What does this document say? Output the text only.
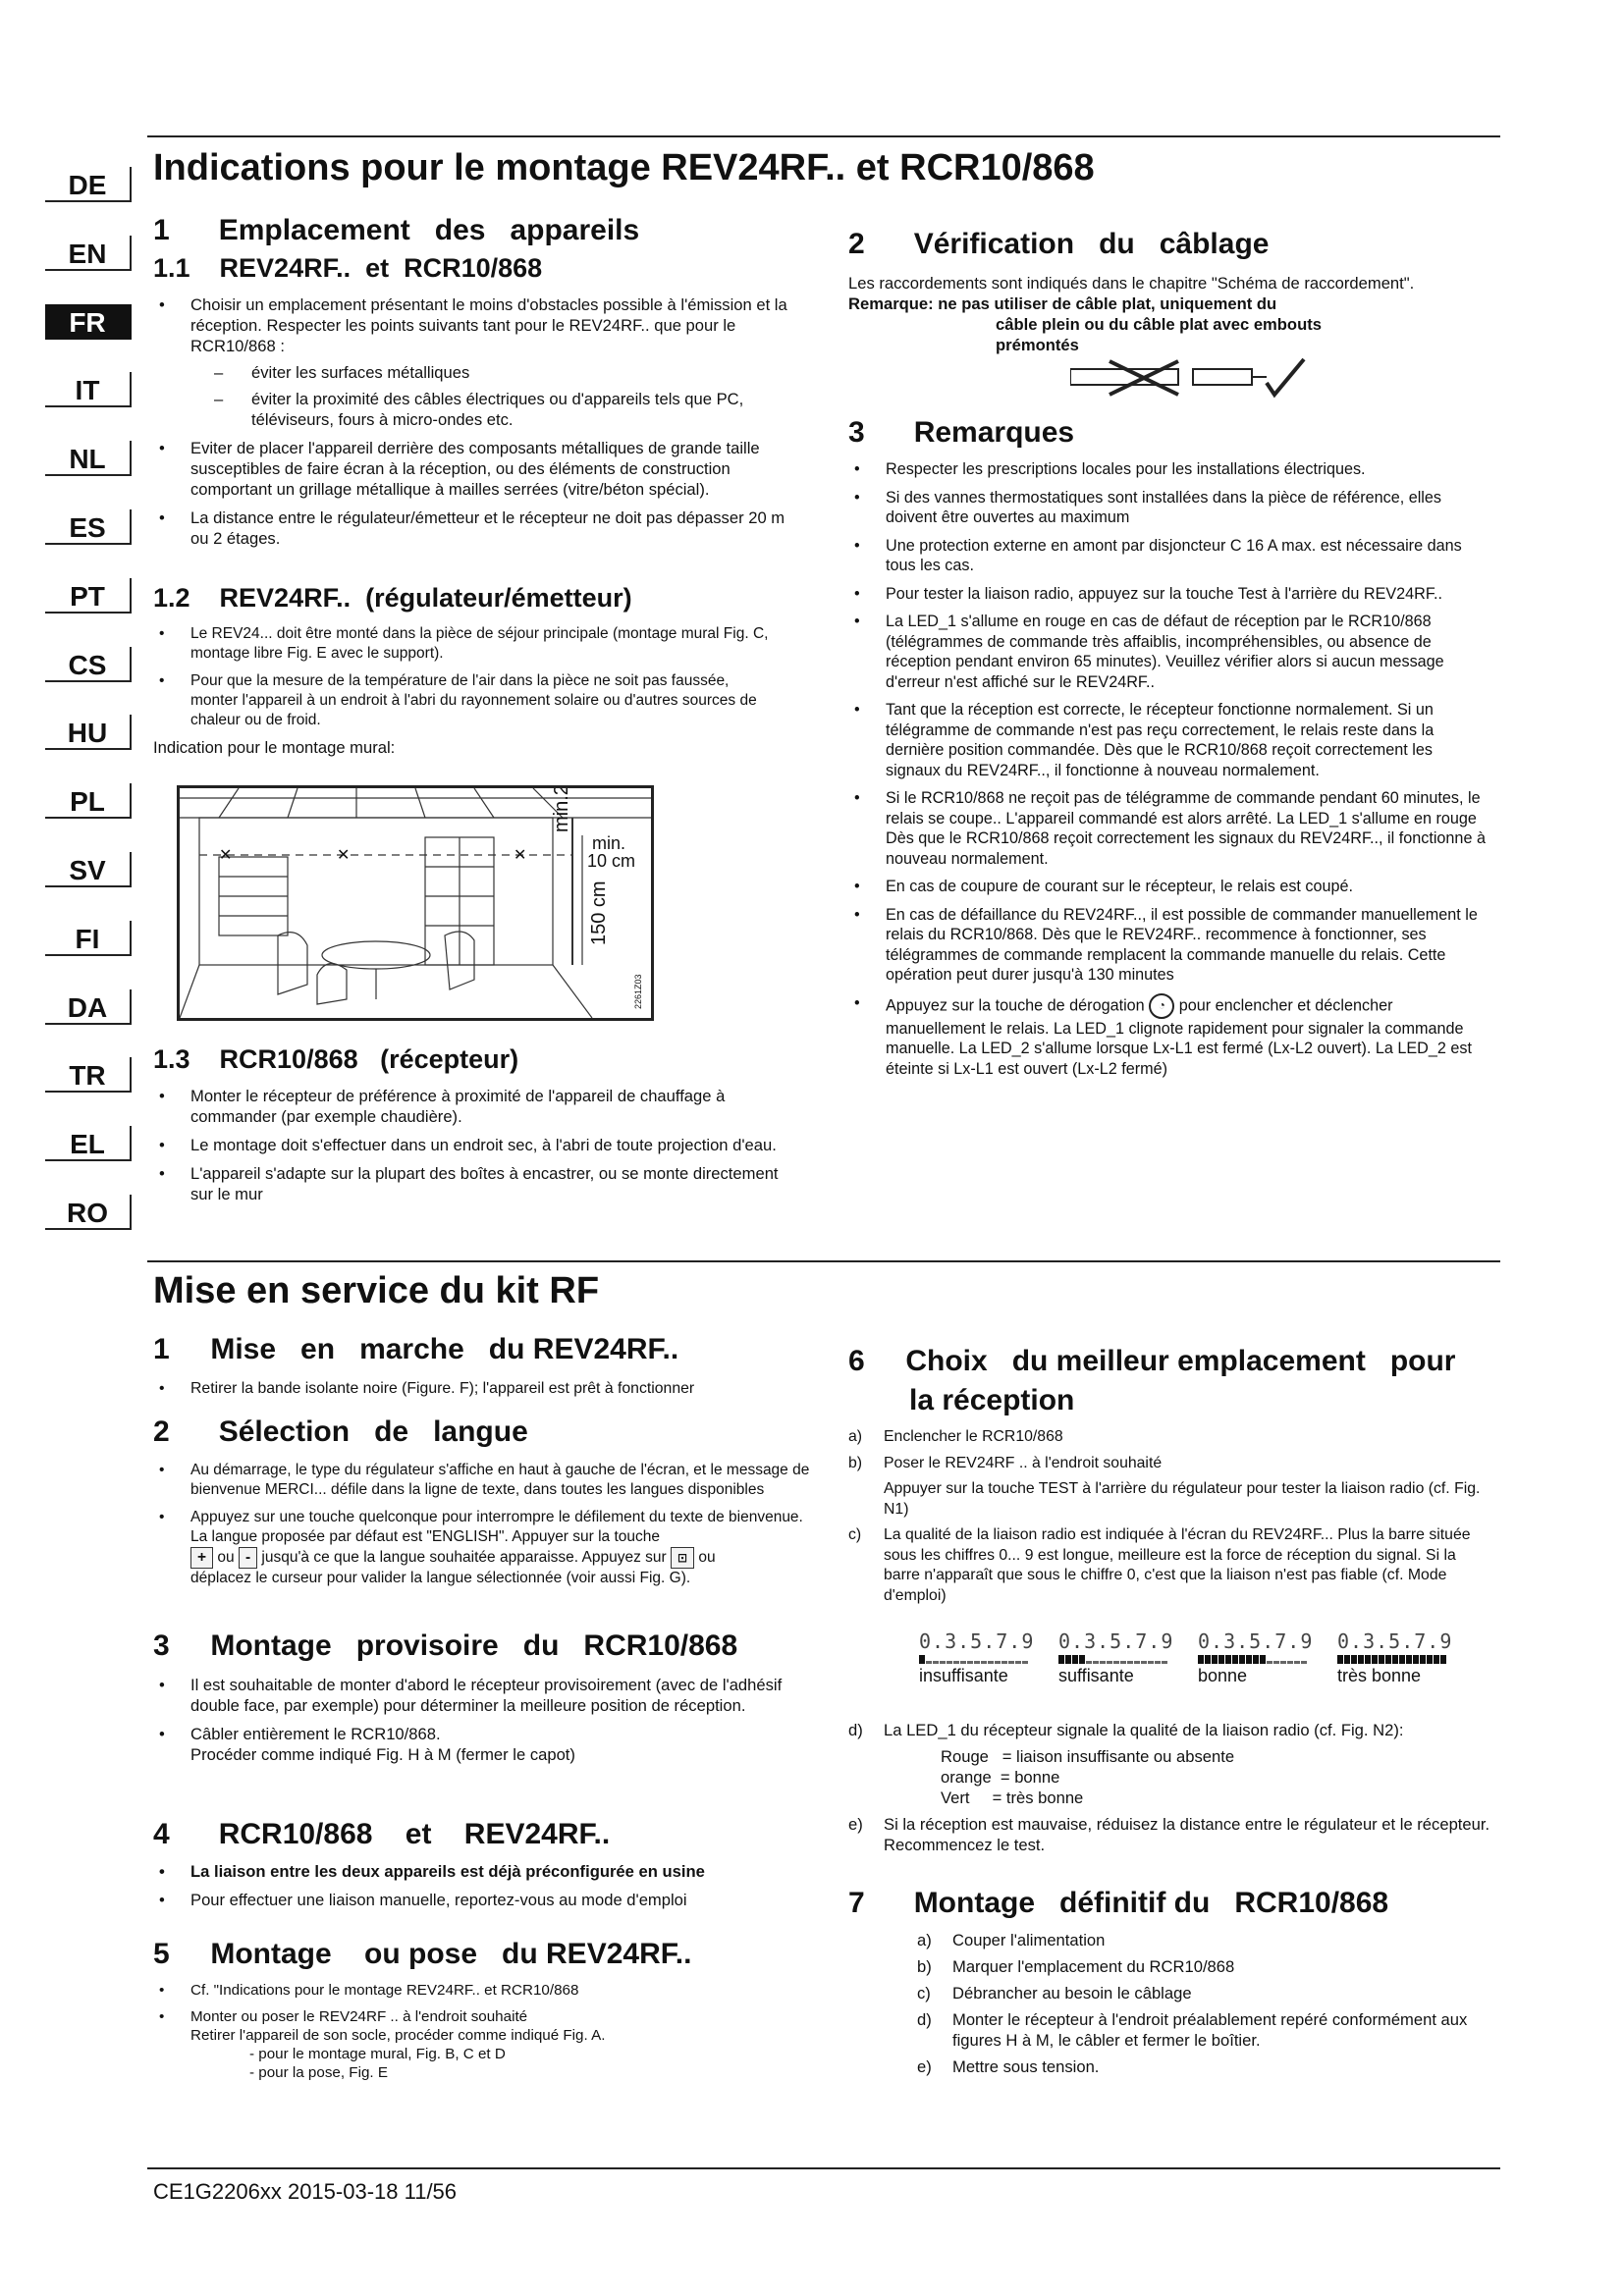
DE
EN
FR
IT
NL
ES
PT
CS
HU
PL
SV
FI
DA
TR
EL
RO
Indications pour le montage REV24RF.. et RCR10/868
1      Emplacement   des   appareils
1.1    REV24RF..  et  RCR10/868
• Choisir un emplacement présentant le moins d'obstacles possible à l'émission et la réception. Respecter les points suivants tant pour le REV24RF.. que pour le RCR10/868 :
– éviter les surfaces métalliques
– éviter la proximité des câbles électriques ou d'appareils tels que PC, téléviseurs, fours à micro-ondes etc.
• Eviter de placer l'appareil derrière des composants métalliques de grande taille susceptibles de faire écran à la réception, ou des éléments de construction comportant un grillage métallique à mailles serrées (vitre/béton spécial).
• La distance entre le régulateur/émetteur et le récepteur ne doit pas dépasser 20 m ou 2 étages.
1.2    REV24RF..  (régulateur/émetteur)
• Le REV24... doit être monté dans la pièce de séjour principale (montage mural Fig. C, montage libre Fig. E avec le support).
• Pour que la mesure de la température de l'air dans la pièce ne soit pas faussée, monter l'appareil à un endroit à l'abri du rayonnement solaire ou d'autres sources de chaleur ou de froid.

Indication pour le montage mural:

✕	✕	✕
min.20
min.
10 cm
150 cm
2261Z03
1.3    RCR10/868   (récepteur)
• Monter le récepteur de préférence à proximité de l'appareil de chauffage à commander (par exemple chaudière).
• Le montage doit s'effectuer dans un endroit sec, à l'abri de toute projection d'eau.
• L'appareil s'adapte sur la plupart des boîtes à encastrer, ou se monte directement sur le mur
2      Vérification   du   câblage

Les raccordements sont indiqués dans le chapitre "Schéma de raccordement".

Remarque: ne pas utiliser de câble plat, uniquement du

câble plein ou du câble plat avec embouts

prémontés

3      Remarques
• Respecter les prescriptions locales pour les installations électriques.
• Si des vannes thermostatiques sont installées dans la pièce de référence, elles doivent être ouvertes au maximum
• Une protection externe en amont par disjoncteur C 16 A max. est nécessaire dans tous les cas.
• Pour tester la liaison radio, appuyez sur la touche Test à l'arrière du REV24RF..
• La LED_1 s'allume en rouge en cas de défaut de réception par le RCR10/868 (télégrammes de commande très affaiblis, incompréhensibles, ou absence de réception pendant environ 65 minutes). Veuillez vérifier alors si aucun message d'erreur n'est affiché sur le REV24RF..
• Tant que la réception est correcte, le récepteur fonctionne normalement. Si un télégramme de commande n'est pas reçu correctement, le relais reste dans la dernière position commandée. Dès que le RCR10/868 reçoit correctement les signaux du REV24RF.., il fonctionne à nouveau normalement.
• Si le RCR10/868 ne reçoit pas de télégramme de commande pendant 60 minutes, le relais se coupe.. L'appareil commandé est alors arrêté. La LED_1 s'allume en rouge Dès que le RCR10/868 reçoit correctement les signaux du REV24RF.., il fonctionne à nouveau normalement.
• En cas de coupure de courant sur le récepteur, le relais est coupé.
• En cas de défaillance du REV24RF.., il est possible de commander manuellement le relais du RCR10/868. Dès que le REV24RF.. recommence à fonctionner, ses télégrammes de commande remplacent la commande manuelle du relais. Cette opération peut durer jusqu'à 130 minutes
• Appuyez sur la touche de dérogation ◔ pour enclencher et déclencher manuellement le relais. La LED_1 clignote rapidement pour signaler la commande manuelle. La LED_2 s'allume lorsque Lx-L1 est fermé (Lx-L2 ouvert). La LED_2 est éteinte si Lx-L1 est ouvert (Lx-L2 fermé)
Mise en service du kit RF
1     Mise   en   marche   du REV24RF..
• Retirer la bande isolante noire (Figure. F); l'appareil est prêt à fonctionner
2      Sélection   de   langue
• Au démarrage, le type du régulateur s'affiche en haut à gauche de l'écran, et le message de bienvenue MERCI... défile dans la ligne de texte, dans toutes les langues disponibles
• Appuyez sur une touche quelconque pour interrompre le défilement du texte de bienvenue. La langue proposée par défaut est "ENGLISH". Appuyer sur la touche
+ ou - jusqu'à ce que la langue souhaitée apparaisse. Appuyez sur ⊡ ou
déplacez le curseur pour valider la langue sélectionnée (voir aussi Fig. G).
3     Montage   provisoire   du   RCR10/868
• Il est souhaitable de monter d'abord le récepteur provisoirement (avec de l'adhésif double face, par exemple) pour déterminer la meilleure position de réception.
• Câbler entièrement le RCR10/868.
Procéder comme indiqué Fig. H à M (fermer le capot)
4      RCR10/868    et    REV24RF..
• La liaison entre les deux appareils est déjà préconfigurée en usine
• Pour effectuer une liaison manuelle, reportez-vous au mode d'emploi
5     Montage    ou pose   du REV24RF..
• Cf. "Indications pour le montage REV24RF.. et RCR10/868
• Monter ou poser le REV24RF .. à l'endroit souhaité
Retirer l'appareil de son socle, procéder comme indiqué Fig. A.
- pour le montage mural, Fig. B, C et D
- pour la pose, Fig. E
6     Choix   du meilleur emplacement   pour
la réception
a) Enclencher le RCR10/868
b) Poser le REV24RF .. à l'endroit souhaité
Appuyer sur la touche TEST à l'arrière du régulateur pour tester la liaison radio (cf. Fig. N1)
c) La qualité de la liaison radio est indiquée à l'écran du REV24RF... Plus la barre située sous les chiffres 0... 9 est longue, meilleure est la force de réception du signal. Si la barre n'apparaît que sous le chiffre 0, c'est que la liaison n'est pas fiable (cf. Mode d'emploi)
0.3.5.7.9
insuffisante
0.3.5.7.9
suffisante
0.3.5.7.9
bonne
0.3.5.7.9
très bonne
d) La LED_1 du récepteur signale la qualité de la liaison radio (cf. Fig. N2):
Rouge   = liaison insuffisante ou absente
orange  = bonne
Vert     = très bonne
e) Si la réception est mauvaise, réduisez la distance entre le régulateur et le récepteur.
Recommencez le test.
7      Montage   définitif du   RCR10/868
a) Couper l'alimentation
b) Marquer l'emplacement du RCR10/868
c) Débrancher au besoin le câblage
d) Monter le récepteur à l'endroit préalablement repéré conformément aux figures H à M, le câbler et fermer le boîtier.
e) Mettre sous tension.
CE1G2206xx 2015-03-18 11/56
